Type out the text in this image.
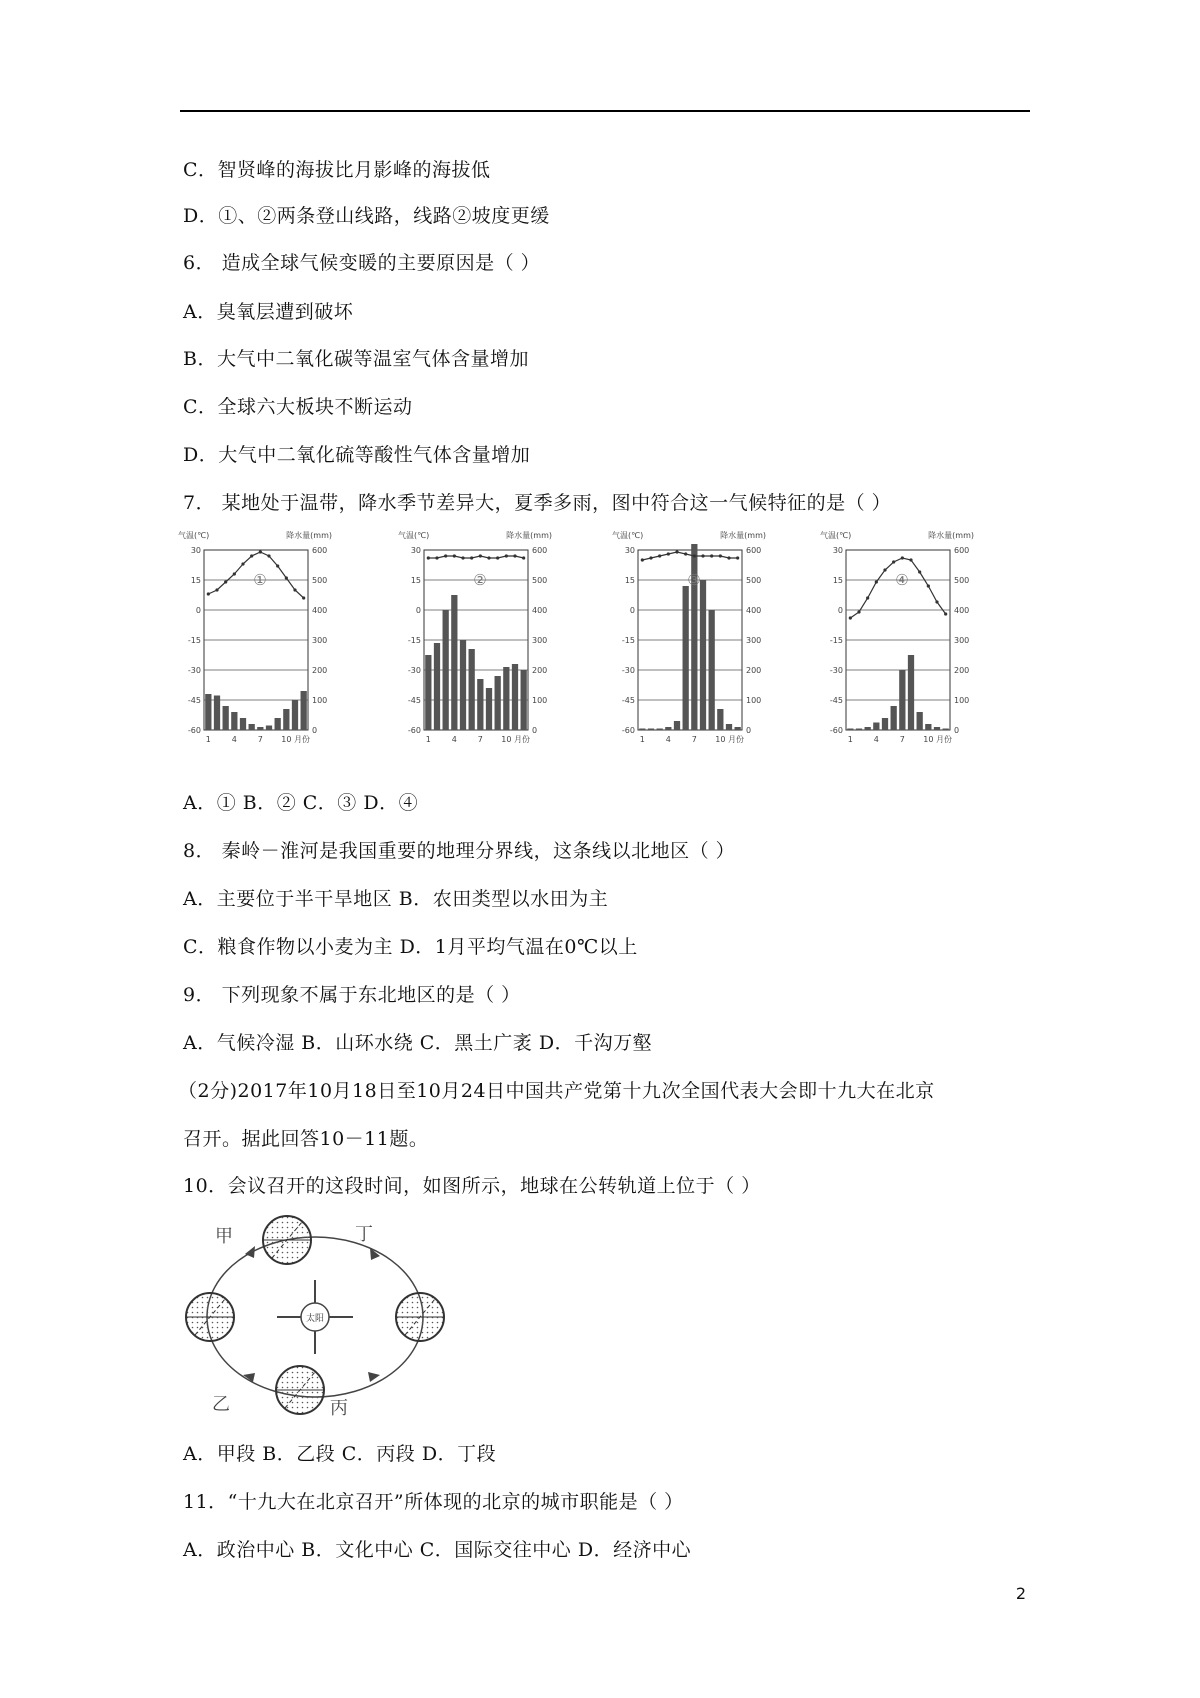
C．智贤峰的海拔比月影峰的海拔低
D．①、②两条登山线路，线路②坡度更缓
6． 造成全球气候变暖的主要原因是（ ）
A．臭氧层遭到破坏
B．大气中二氧化碳等温室气体含量增加
C．全球六大板块不断运动
D．大气中二氧化硫等酸性气体含量增加
7． 某地处于温带，降水季节差异大，夏季多雨，图中符合这一气候特征的是（ ）
A．① B．② C．③ D．④
8． 秦岭－淮河是我国重要的地理分界线，这条线以北地区（ ）
A．主要位于半干旱地区 B．农田类型以水田为主
C．粮食作物以小麦为主 D．1月平均气温在0℃以上
9． 下列现象不属于东北地区的是（ ）
A．气候冷湿 B．山环水绕 C．黑土广袤 D．千沟万壑
（2分)2017年10月18日至10月24日中国共产党第十九次全国代表大会即十九大在北京
召开。据此回答10－11题。
10．会议召开的这段时间，如图所示，地球在公转轨道上位于（ ）
A．甲段 B．乙段 C．丙段 D．丁段
11．“十九大在北京召开”所体现的北京的城市职能是（ ）
A．政治中心 B．文化中心 C．国际交往中心 D．经济中心
气温(℃)	降水量(mm)
30	600
15	500
0	400
-15	300
-30	200
-45	100
-60	0
①
1	4	7 10 月份
气温(℃)	降水量(mm)
30	600
15	500
0	400
-15	300
-30	200
-45	100
-60	0
②
1	4	7 10 月份
气温(℃)	降水量(mm)
30	600
15	500
0	400
-15	300
-30	200
-45	100
-60	0
③
1	4	7 10 月份
气温(℃)	降水量(mm)
30	600
15	500
0	400
-15	300
-30	200
-45	100
-60	0
④
1	4	7 10 月份
太阳
甲	丁
乙	丙
2
